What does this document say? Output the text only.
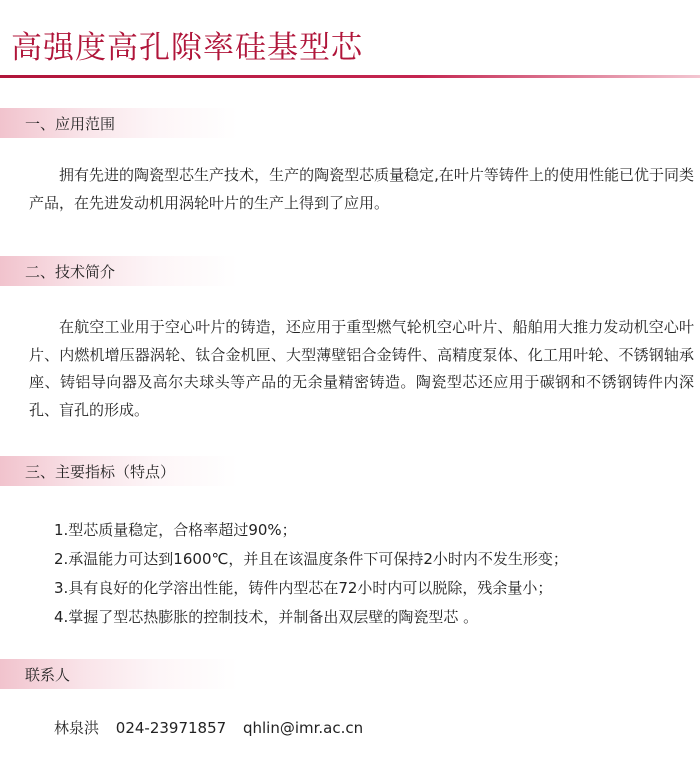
高强度高孔隙率硅基型芯
一、应用范围

拥有先进的陶瓷型芯生产技术，生产的陶瓷型芯质量稳定,在叶片等铸件上的使用性能已优于同类产品，在先进发动机用涡轮叶片的生产上得到了应用。

二、技术简介

在航空工业用于空心叶片的铸造，还应用于重型燃气轮机空心叶片、船舶用大推力发动机空心叶片、内燃机增压器涡轮、钛合金机匣、大型薄壁铝合金铸件、高精度泵体、化工用叶轮、不锈钢轴承座、铸铝导向器及高尔夫球头等产品的无余量精密铸造。陶瓷型芯还应用于碳钢和不锈钢铸件内深孔、盲孔的形成。

三、主要指标（特点）
1.型芯质量稳定，合格率超过90%；
2.承温能力可达到1600℃，并且在该温度条件下可保持2小时内不发生形变；
3.具有良好的化学溶出性能，铸件内型芯在72小时内可以脱除，残余量小；
4.掌握了型芯热膨胀的控制技术，并制备出双层壁的陶瓷型芯 。
联系人
林泉洪 024-23971857 qhlin@imr.ac.cn
